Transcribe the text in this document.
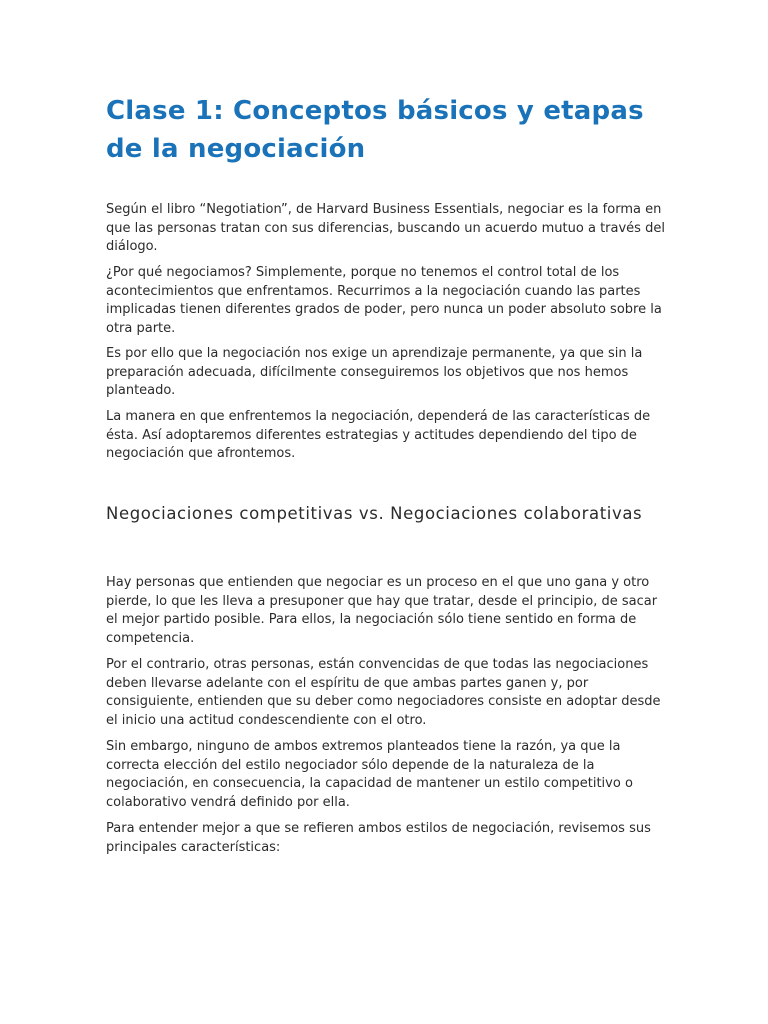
Clase 1: Conceptos básicos y etapas de la negociación

Según el libro “Negotiation”, de Harvard Business Essentials, negociar es la forma en que las personas tratan con sus diferencias, buscando un acuerdo mutuo a través del diálogo.

¿Por qué negociamos? Simplemente, porque no tenemos el control total de los acontecimientos que enfrentamos. Recurrimos a la negociación cuando las partes implicadas tienen diferentes grados de poder, pero nunca un poder absoluto sobre la otra parte.

Es por ello que la negociación nos exige un aprendizaje permanente, ya que sin la preparación adecuada, difícilmente conseguiremos los objetivos que nos hemos planteado.

La manera en que enfrentemos la negociación, dependerá de las características de ésta. Así adoptaremos diferentes estrategias y actitudes dependiendo del tipo de negociación que afrontemos.

Negociaciones competitivas vs. Negociaciones colaborativas

Hay personas que entienden que negociar es un proceso en el que uno gana y otro pierde, lo que les lleva a presuponer que hay que tratar, desde el principio, de sacar el mejor partido posible. Para ellos, la negociación sólo tiene sentido en forma de competencia.

Por el contrario, otras personas, están convencidas de que todas las negociaciones deben llevarse adelante con el espíritu de que ambas partes ganen y, por consiguiente, entienden que su deber como negociadores consiste en adoptar desde el inicio una actitud condescendiente con el otro.

Sin embargo, ninguno de ambos extremos planteados tiene la razón, ya que la correcta elección del estilo negociador sólo depende de la naturaleza de la negociación, en consecuencia, la capacidad de mantener un estilo competitivo o colaborativo vendrá definido por ella.

Para entender mejor a que se refieren ambos estilos de negociación, revisemos sus principales características:
